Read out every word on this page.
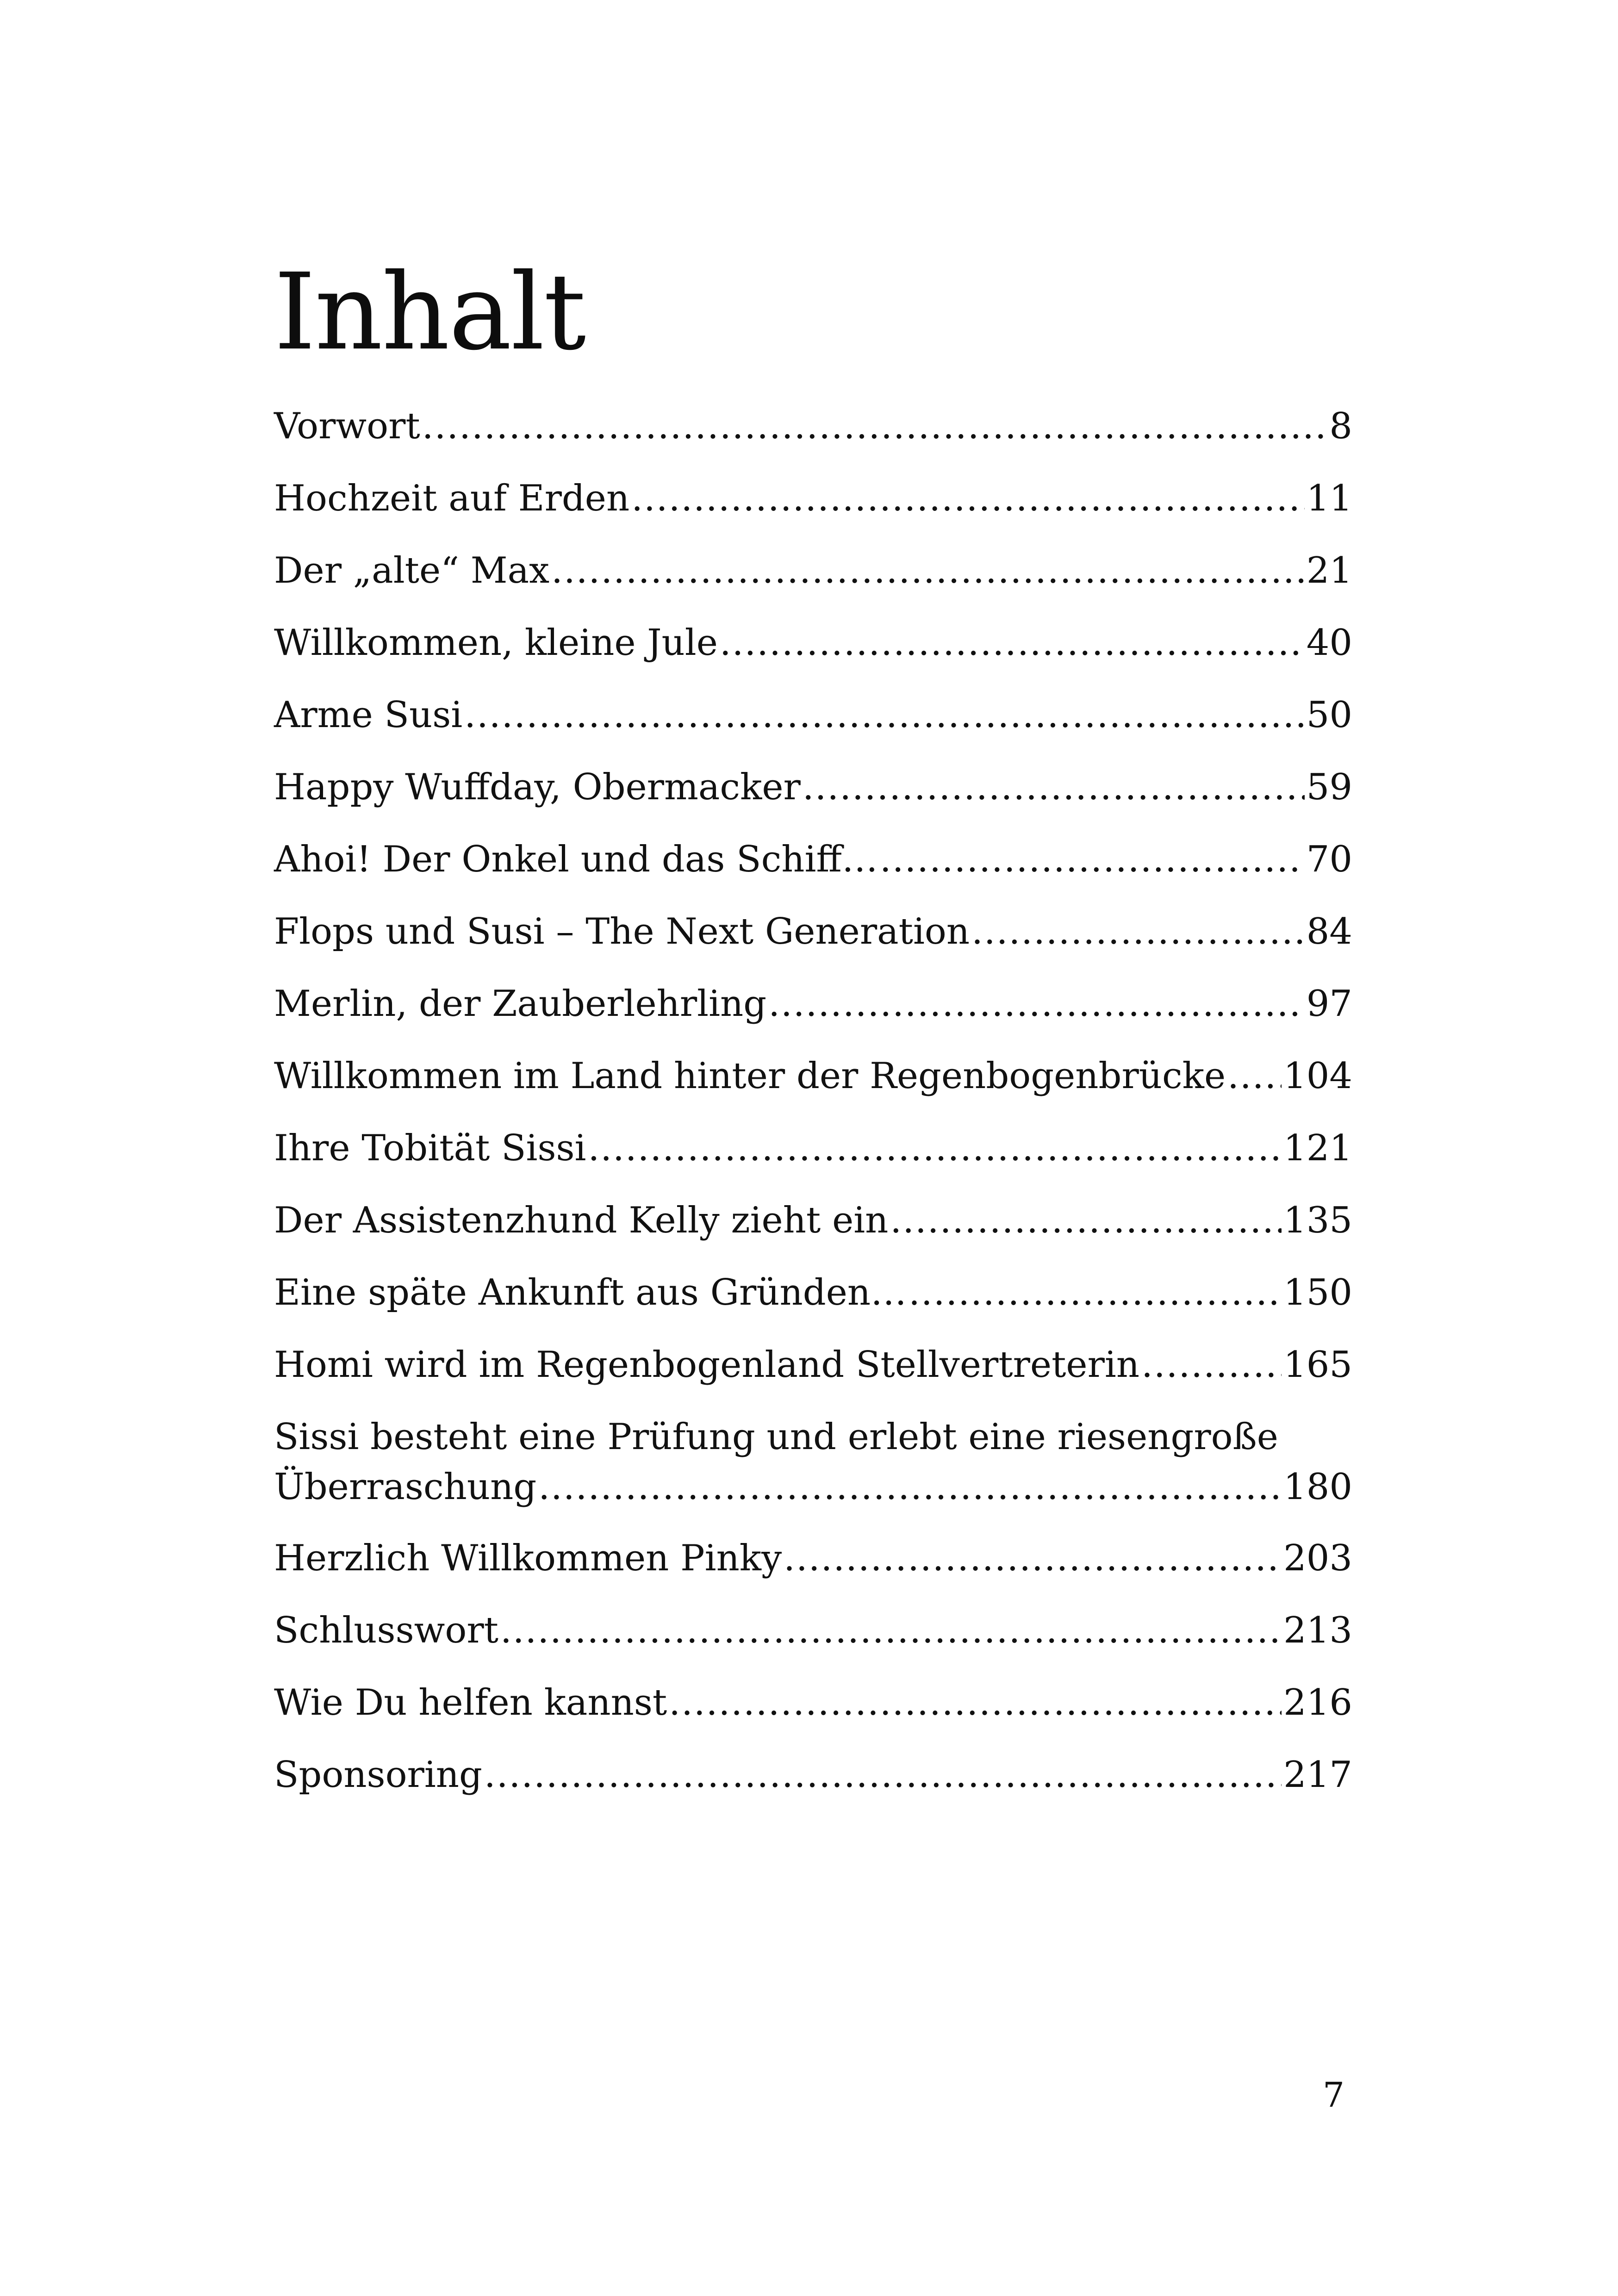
Inhalt
Vorwort .....	8
Hochzeit auf Erden .....	11
Der „alte“ Max .....	21
Willkommen, kleine Jule .....	40
Arme Susi .....	50
Happy Wuffday, Obermacker .....	59
Ahoi! Der Onkel und das Schiff… .....	70
Flops und Susi – The Next Generation .....	84
Merlin, der Zauberlehrling .....	97
Willkommen im Land hinter der Regenbogenbrücke ..... 104
Ihre Tobität Sissi .....	121
Der Assistenzhund Kelly zieht ein .....	135
Eine späte Ankunft aus Gründen… .....	150
Homi wird im Regenbogenland Stellvertreterin .....	165
Sissi besteht eine Prüfung und erlebt eine riesengroße
Überraschung .....	180
Herzlich Willkommen Pinky .....	203
Schlusswort .....	213
Wie Du helfen kannst .....	216
Sponsoring .....	217
7
